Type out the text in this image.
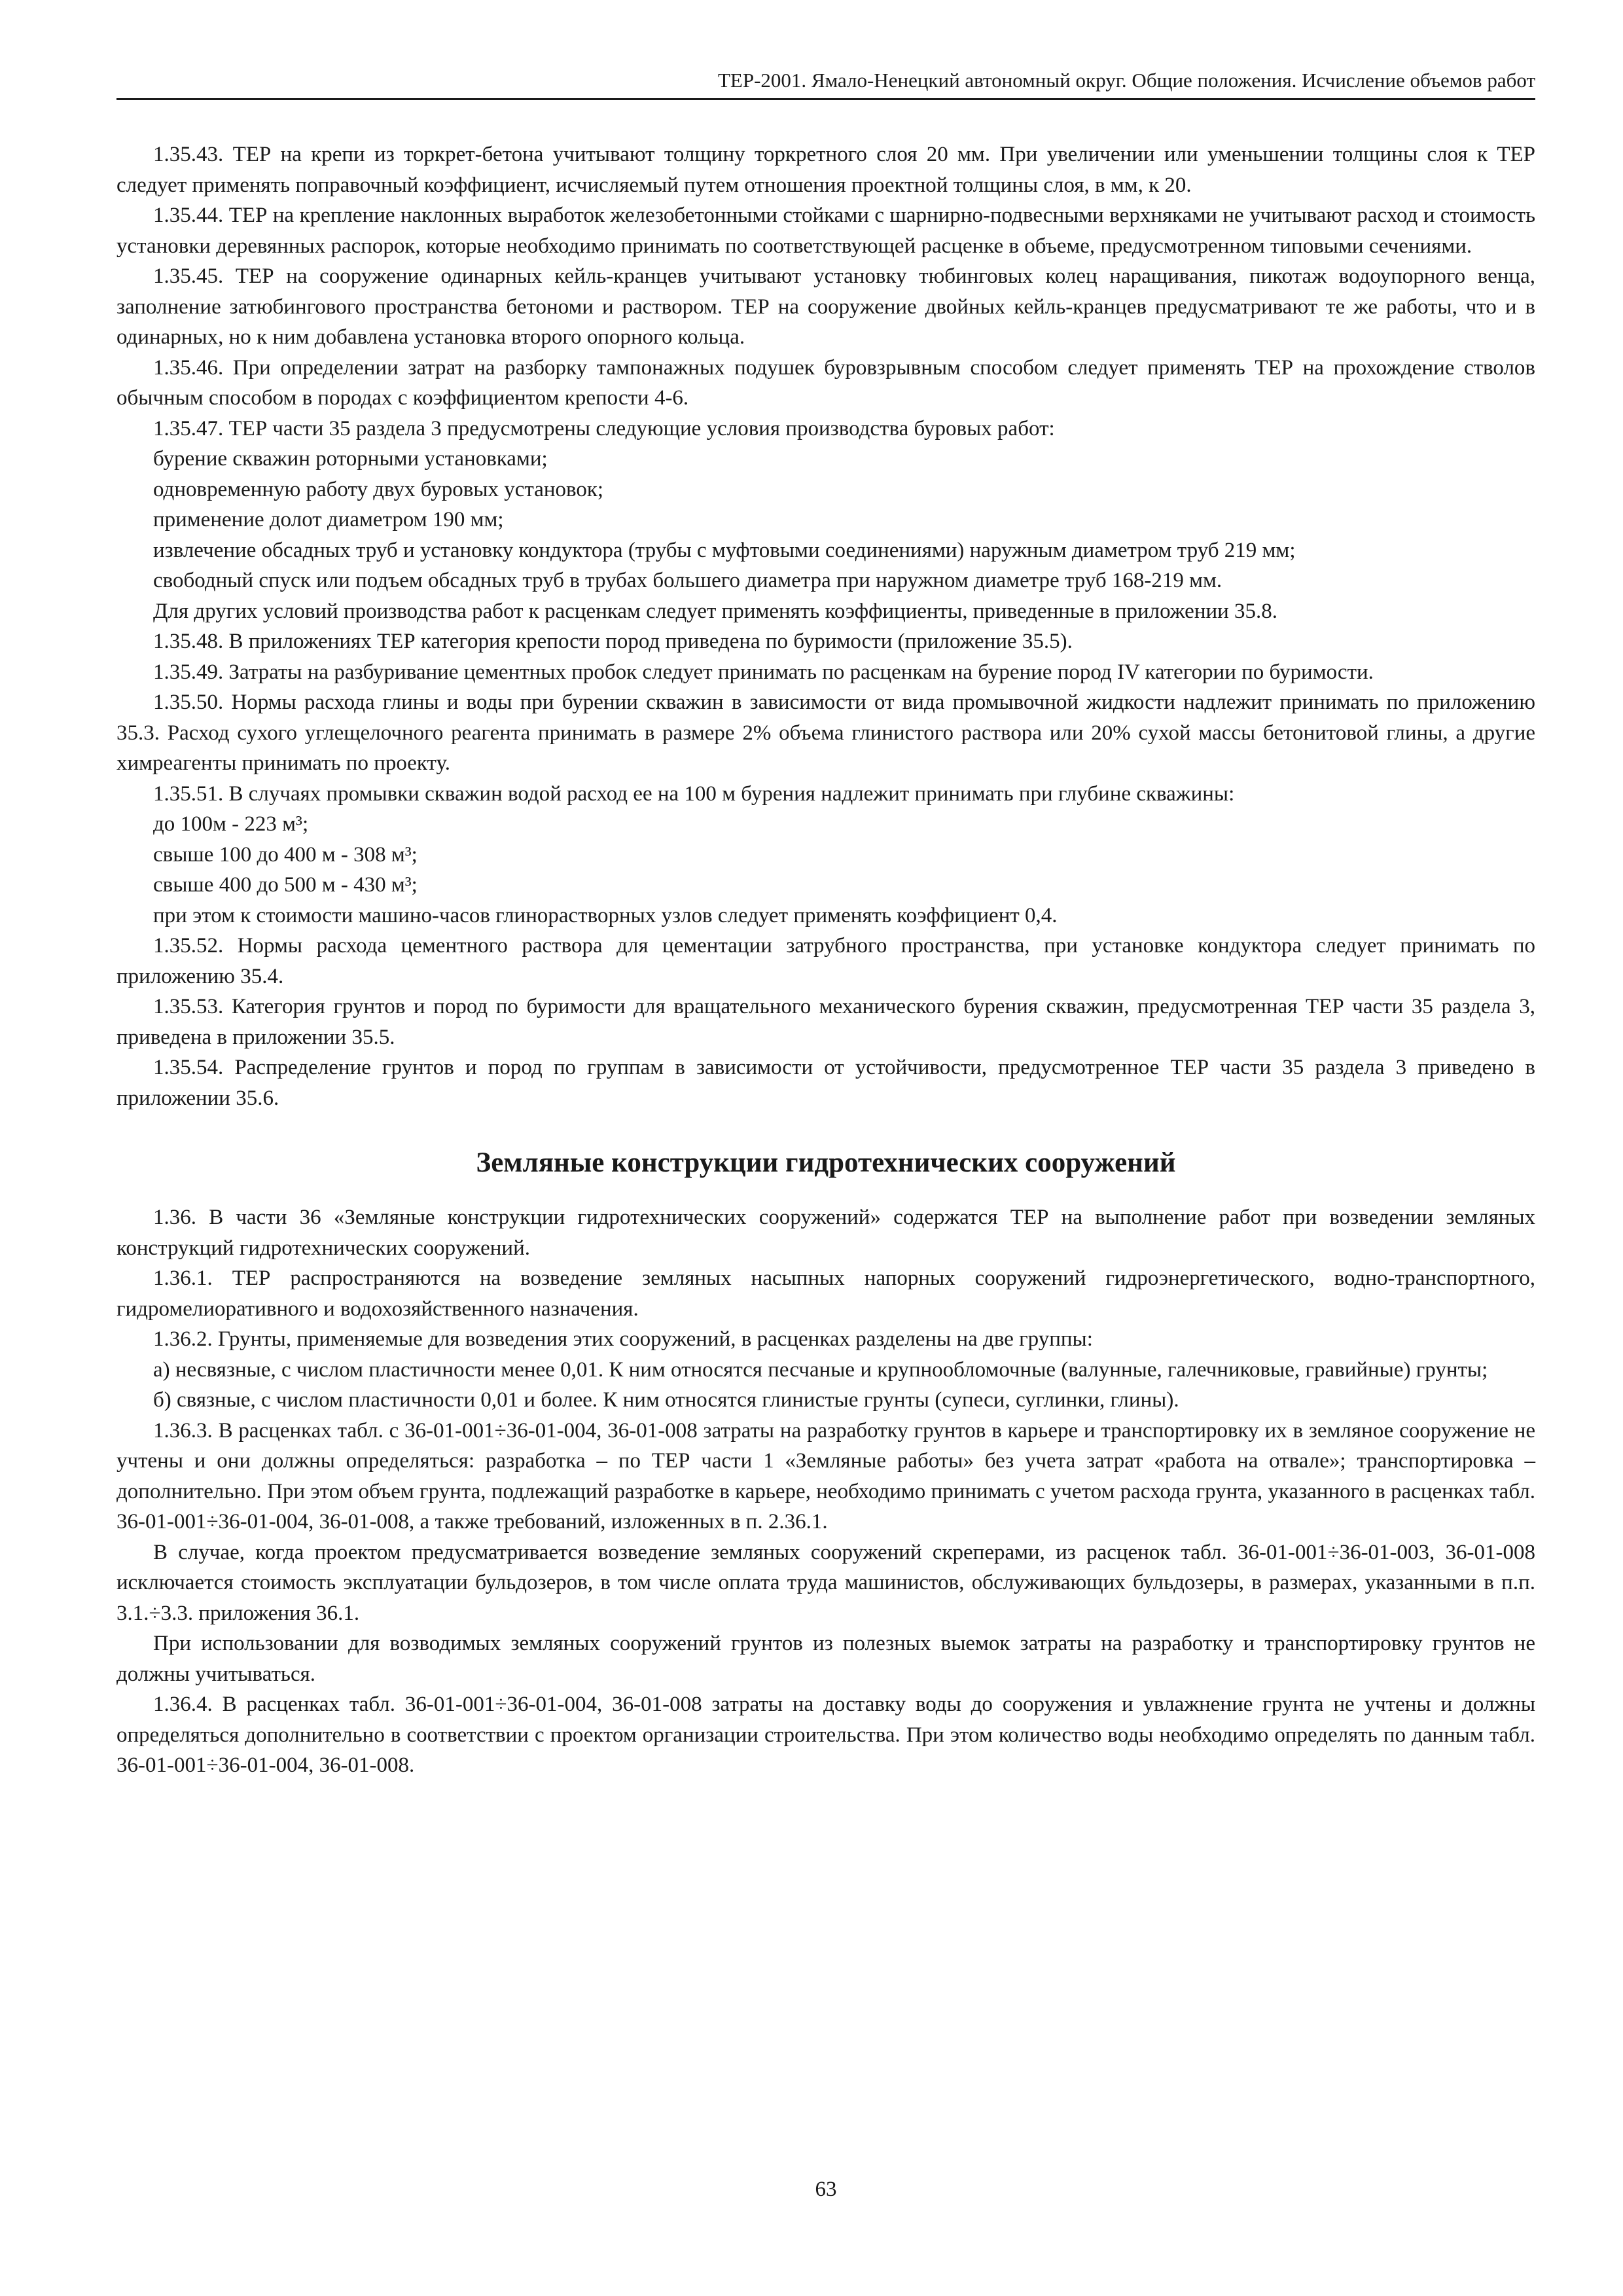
ТЕР-2001. Ямало-Ненецкий автономный округ. Общие положения. Исчисление объемов работ

1.35.43. ТЕР на крепи из торкрет-бетона учитывают толщину торкретного слоя 20 мм. При увеличении или уменьшении толщины слоя к ТЕР следует применять поправочный коэффициент, исчисляемый путем отношения проектной толщины слоя, в мм, к 20.

1.35.44. ТЕР на крепление наклонных выработок железобетонными стойками с шарнирно-подвесными верхняками не учитывают расход и стоимость установки деревянных распорок, которые необходимо принимать по соответствующей расценке в объеме, предусмотренном типовыми сечениями.

1.35.45. ТЕР на сооружение одинарных кейль-кранцев учитывают установку тюбинговых колец наращивания, пикотаж водоупорного венца, заполнение затюбингового пространства бетономи и раствором. ТЕР на сооружение двойных кейль-кранцев предусматривают те же работы, что и в одинарных, но к ним добавлена установка второго опорного кольца.

1.35.46. При определении затрат на разборку тампонажных подушек буровзрывным способом следует применять ТЕР на прохождение стволов обычным способом в породах с коэффициентом крепости 4-6.

1.35.47. ТЕР части 35 раздела 3 предусмотрены следующие условия производства буровых работ:

бурение скважин роторными установками;

одновременную работу двух буровых установок;

применение долот диаметром 190 мм;

извлечение обсадных труб и установку кондуктора (трубы с муфтовыми соединениями) наружным диаметром труб 219 мм;

свободный спуск или подъем обсадных труб в трубах большего диаметра при наружном диаметре труб 168-219 мм.

Для других условий производства работ к расценкам следует применять коэффициенты, приведенные в приложении 35.8.

1.35.48. В приложениях ТЕР категория крепости пород приведена по буримости (приложение 35.5).

1.35.49. Затраты на разбуривание цементных пробок следует принимать по расценкам на бурение пород IV категории по буримости.

1.35.50. Нормы расхода глины и воды при бурении скважин в зависимости от вида промывочной жидкости надлежит принимать по приложению 35.3. Расход сухого углещелочного реагента принимать в размере 2% объема глинистого раствора или 20% сухой массы бетонитовой глины, а другие химреагенты принимать по проекту.

1.35.51. В случаях промывки скважин водой расход ее на 100 м бурения надлежит принимать при глубине скважины:

до 100м - 223 м³;

свыше 100 до 400 м - 308 м³;

свыше 400 до 500 м - 430 м³;

при этом к стоимости машино-часов глинорастворных узлов следует применять коэффициент 0,4.

1.35.52. Нормы расхода цементного раствора для цементации затрубного пространства, при установке кондуктора следует принимать по приложению 35.4.

1.35.53. Категория грунтов и пород по буримости для вращательного механического бурения скважин, предусмотренная ТЕР части 35 раздела 3, приведена в приложении 35.5.

1.35.54. Распределение грунтов и пород по группам в зависимости от устойчивости, предусмотренное ТЕР части 35 раздела 3 приведено в приложении 35.6.

Земляные конструкции гидротехнических сооружений

1.36. В части 36 «Земляные конструкции гидротехнических сооружений» содержатся ТЕР на выполнение работ при возведении земляных конструкций гидротехнических сооружений.

1.36.1. ТЕР распространяются на возведение земляных насыпных напорных сооружений гидроэнергетического, водно-транспортного, гидромелиоративного и водохозяйственного назначения.

1.36.2. Грунты, применяемые для возведения этих сооружений, в расценках разделены на две группы:

а) несвязные, с числом пластичности менее 0,01. К ним относятся песчаные и крупнообломочные (валунные, галечниковые, гравийные) грунты;

б) связные, с числом пластичности 0,01 и более. К ним относятся глинистые грунты (супеси, суглинки, глины).

1.36.3. В расценках табл. с 36-01-001÷36-01-004, 36-01-008 затраты на разработку грунтов в карьере и транспортировку их в земляное сооружение не учтены и они должны определяться: разработка – по ТЕР части 1 «Земляные работы» без учета затрат «работа на отвале»; транспортировка – дополнительно. При этом объем грунта, подлежащий разработке в карьере, необходимо принимать с учетом расхода грунта, указанного в расценках табл. 36-01-001÷36-01-004, 36-01-008, а также требований, изложенных в п. 2.36.1.

В случае, когда проектом предусматривается возведение земляных сооружений скреперами, из расценок табл. 36-01-001÷36-01-003, 36-01-008 исключается стоимость эксплуатации бульдозеров, в том числе оплата труда машинистов, обслуживающих бульдозеры, в размерах, указанными в п.п. 3.1.÷3.3. приложения 36.1.

При использовании для возводимых земляных сооружений грунтов из полезных выемок затраты на разработку и транспортировку грунтов не должны учитываться.

1.36.4. В расценках табл. 36-01-001÷36-01-004, 36-01-008 затраты на доставку воды до сооружения и увлажнение грунта не учтены и должны определяться дополнительно в соответствии с проектом организации строительства. При этом количество воды необходимо определять по данным табл. 36-01-001÷36-01-004, 36-01-008.

63
